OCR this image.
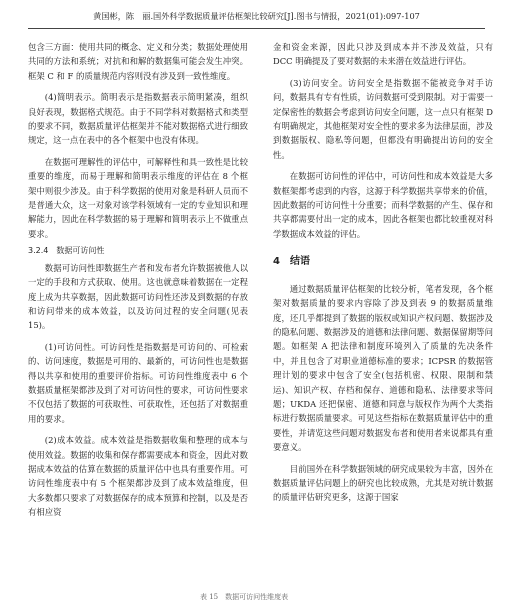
黄国彬，陈　丽.国外科学数据质量评估框架比较研究[J].图书与情报，2021(01):097-107

包含三方面：使用共同的概念、定义和分类；数据处理使用共同的方法和系统；对抗和和解的数据集可能会发生冲突。框架 C 和 F 的质量规范内容则没有涉及到一致性维度。

(4)简明表示。简明表示是指数据表示简明紧凑，组织良好表现，数据格式规范。由于不同学科对数据格式和类型的要求不同，数据质量评估框架并不能对数据格式进行细致规定，这一点在表中的各个框架中也没有体现。

在数据可理解性的评估中，可解释性和具一致性是比较重要的维度，而易于理解和简明表示维度的评估在 8 个框架中则很少涉及。由于科学数据的使用对象是科研人员而不是普通大众，这一对象对该学科领域有一定的专业知识和理解能力，因此在科学数据的易于理解和简明表示上不做重点要求。

3.2.4　数据可访问性

数据可访问性即数据生产者和发布者允许数据被他人以一定的手段和方式获取、使用。这也就意味着数据在一定程度上成为共享数据，因此数据可访问性还涉及到数据的存放和访问带来的成本效益，以及访问过程的安全问题(见表 15)。

(1)可访问性。可访问性是指数据是可访问的、可检索的、访问速度，数据是可用的、最新的，可访问性也是数据得以共享和使用的重要评价指标。可访问性维度表中 6 个数据质量框架都涉及到了对可访问性的要求，可访问性要求不仅包括了数据的可获取性、可获取性，还包括了对数据重用的要求。

(2)成本效益。成本效益是指数据收集和整理的成本与使用效益。数据的收集和保存都需要成本和资金，因此对数据成本效益的估算在数据的质量评估中也具有重要作用。可访问性维度表中有 5 个框架都涉及到了成本效益维度，但大多数都只要求了对数据保存的成本预算和控制，以及是否有相应资

金和资金来源，因此只涉及到成本并不涉及效益，只有 DCC 明确提及了要对数据的未来潜在效益进行评估。

(3)访问安全。访问安全是指数据不能被竞争对手访问，数据具有专有性质，访问数据可受到限制。对于需要一定保密性的数据会考虑到访问安全问题，这一点只有框架 D 有明确规定，其他框架对安全性的要求多为法律层面，涉及到数据版权、隐私等问题，但都没有明确提出访问的安全性。

在数据可访问性的评估中，可访问性和成本效益是大多数框架都考虑到的内容，这源于科学数据共享带来的价值，因此数据的可访问性十分重要；而科学数据的产生、保存和共享都需要付出一定的成本，因此各框架也都比较重视对科学数据成本效益的评估。

4 结语

通过数据质量评估框架的比较分析，笔者发现，各个框架对数据质量的要求内容除了涉及到表 9 的数据质量维度，还几乎都提到了数据的版权或知识产权问题、数据涉及的隐私问题、数据涉及的道德和法律问题、数据保留期等问题。如框架 A 把法律和制度环境列入了质量的先决条件中，并且包含了对职业道德标准的要求；ICPSR 的数据管理计划的要求中包含了安全(包括机密、权限、限制和禁运)、知识产权、存档和保存、道德和隐私、法律要求等问题；UKDA 还把保密、道德和同意与版权作为两个大类指标进行数据质量要求。可见这些指标在数据质量评估中的重要性，并请览这些问题对数据发布者和使用者来说都具有重要意义。

目前国外在科学数据领域的研究成果较为丰富，因外在数据质量评估问题上的研究也比较成熟，尤其是对统计数据的质量评估研究更多，这源于国家

表 15　数据可访问性维度表
